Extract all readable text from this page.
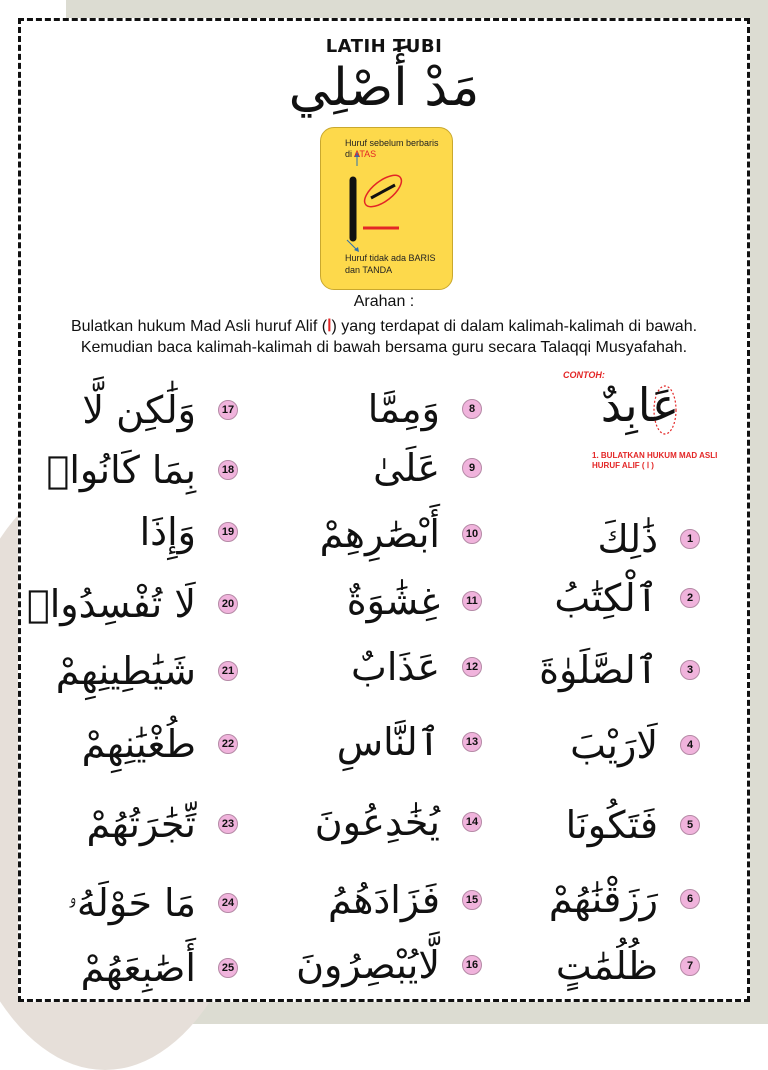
LATIH TUBI
مَدْ أَصْلِي
Huruf sebelum berbaris di ATAS
Huruf tidak ada BARIS dan TANDA
Arahan :
Bulatkan hukum Mad Asli huruf Alif (ا) yang terdapat di dalam kalimah-kalimah di bawah.
Kemudian baca kalimah-kalimah di bawah bersama guru secara Talaqqi Musyafahah.
CONTOH:
عَابِدٌ
1. BULATKAN HUKUM MAD ASLI HURUF ALIF ( ا )
ذَٰلِكَ	1
ٱلْكِتَٰبُ	2
ٱلصَّلَوٰةَ	3
لَارَيْبَ	4
فَتَكُونَا	5
رَزَقْنَٰهُمْ	6
ظُلُمَٰتٍ	7
وَمِمَّا	8
عَلَىٰ	9
أَبْصَٰرِهِمْ	10
غِشَٰوَةٌ	11
عَذَابٌ	12
ٱلنَّاسِ	13
يُخَٰدِعُونَ	14
فَزَادَهُمُ	15
لَّايُبْصِرُونَ	16
وَلَٰكِن لَّا	17
بِمَا كَانُوا۟	18
وَإِذَا	19
لَا تُفْسِدُوا۟	20
شَيَٰطِينِهِمْ	21
طُغْيَٰنِهِمْ	22
تِّجَٰرَتُهُمْ	23
مَا حَوْلَهُۥ	24
أَصَٰبِعَهُمْ	25
